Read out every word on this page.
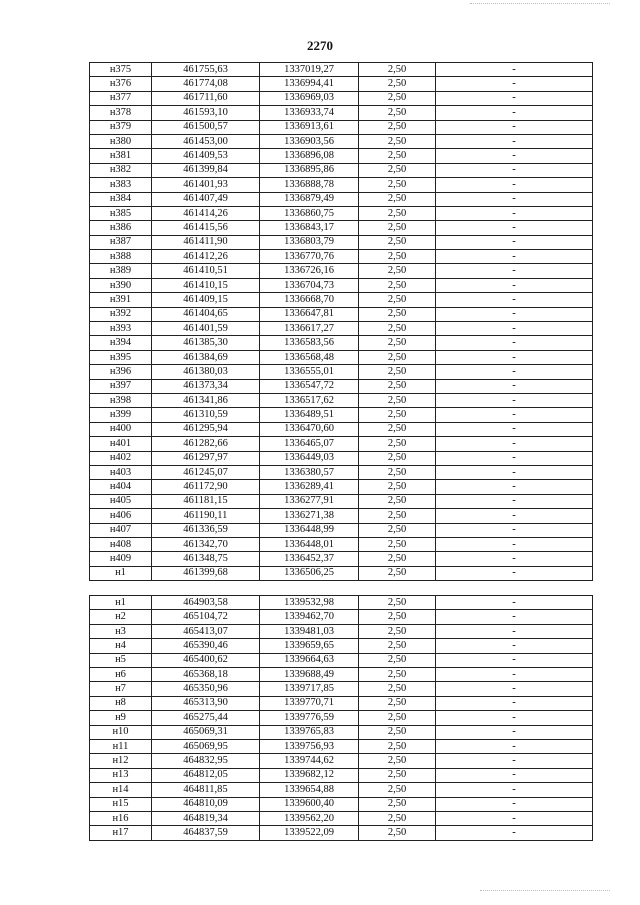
2270
н375	461755,63	1337019,27	2,50	-
н376	461774,08	1336994,41	2,50	-
н377	461711,60	1336969,03	2,50	-
н378	461593,10	1336933,74	2,50	-
н379	461500,57	1336913,61	2,50	-
н380	461453,00	1336903,56	2,50	-
н381	461409,53	1336896,08	2,50	-
н382	461399,84	1336895,86	2,50	-
н383	461401,93	1336888,78	2,50	-
н384	461407,49	1336879,49	2,50	-
н385	461414,26	1336860,75	2,50	-
н386	461415,56	1336843,17	2,50	-
н387	461411,90	1336803,79	2,50	-
н388	461412,26	1336770,76	2,50	-
н389	461410,51	1336726,16	2,50	-
н390	461410,15	1336704,73	2,50	-
н391	461409,15	1336668,70	2,50	-
н392	461404,65	1336647,81	2,50	-
н393	461401,59	1336617,27	2,50	-
н394	461385,30	1336583,56	2,50	-
н395	461384,69	1336568,48	2,50	-
н396	461380,03	1336555,01	2,50	-
н397	461373,34	1336547,72	2,50	-
н398	461341,86	1336517,62	2,50	-
н399	461310,59	1336489,51	2,50	-
н400	461295,94	1336470,60	2,50	-
н401	461282,66	1336465,07	2,50	-
н402	461297,97	1336449,03	2,50	-
н403	461245,07	1336380,57	2,50	-
н404	461172,90	1336289,41	2,50	-
н405	461181,15	1336277,91	2,50	-
н406	461190,11	1336271,38	2,50	-
н407	461336,59	1336448,99	2,50	-
н408	461342,70	1336448,01	2,50	-
н409	461348,75	1336452,37	2,50	-
н1	461399,68	1336506,25	2,50	-

н1	464903,58	1339532,98	2,50	-
н2	465104,72	1339462,70	2,50	-
н3	465413,07	1339481,03	2,50	-
н4	465390,46	1339659,65	2,50	-
н5	465400,62	1339664,63	2,50	-
н6	465368,18	1339688,49	2,50	-
н7	465350,96	1339717,85	2,50	-
н8	465313,90	1339770,71	2,50	-
н9	465275,44	1339776,59	2,50	-
н10	465069,31	1339765,83	2,50	-
н11	465069,95	1339756,93	2,50	-
н12	464832,95	1339744,62	2,50	-
н13	464812,05	1339682,12	2,50	-
н14	464811,85	1339654,88	2,50	-
н15	464810,09	1339600,40	2,50	-
н16	464819,34	1339562,20	2,50	-
н17	464837,59	1339522,09	2,50	-
